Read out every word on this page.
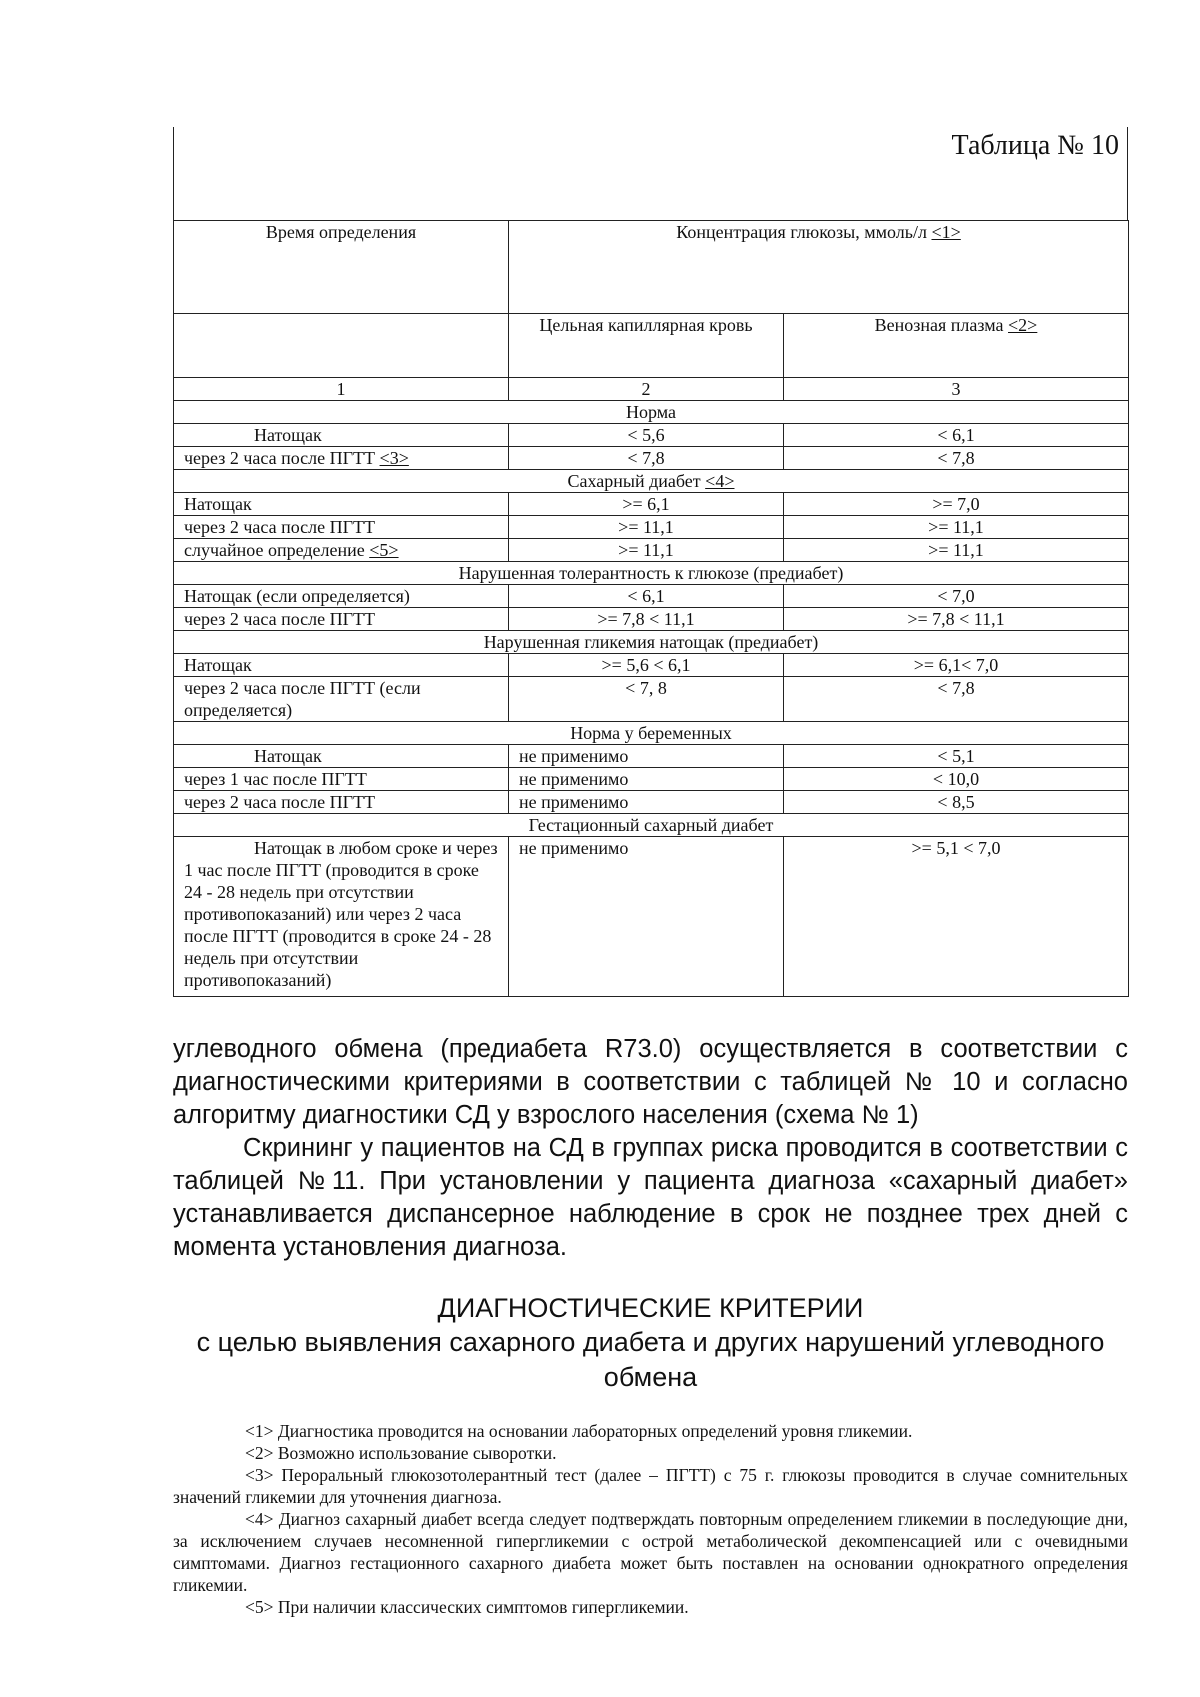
Таблица № 10
Время определения	Концентрация глюкозы, ммоль/л <1>	
	Цельная капиллярная кровь	Венозная плазма <2>
1	2	3
Норма		
Натощак	< 5,6	< 6,1
через 2 часа после ПГТТ <3>	< 7,8	< 7,8
Сахарный диабет <4>		
Натощак	>= 6,1	>= 7,0
через 2 часа после ПГТТ	>= 11,1	>= 11,1
случайное определение <5>	>= 11,1	>= 11,1
Нарушенная толерантность к глюкозе (предиабет)		
Натощак (если определяется)	< 6,1	< 7,0
через 2 часа после ПГТТ	>= 7,8 < 11,1	>= 7,8 < 11,1
Нарушенная гликемия натощак (предиабет)		
Натощак	>= 5,6 < 6,1	>= 6,1< 7,0
через 2 часа после ПГТТ (если определяется)	< 7, 8	< 7,8
Норма у беременных		
Натощак	не применимо	< 5,1
через 1 час после ПГТТ	не применимо	< 10,0
через 2 часа после ПГТТ	не применимо	< 8,5
Гестационный сахарный диабет		
Натощак в любом сроке и через 1 час после ПГТТ (проводится в сроке 24 - 28 недель при отсутствии противопоказаний) или через 2 часа после ПГТТ (проводится в сроке 24 - 28 недель при отсутствии противопоказаний)	не применимо	>= 5,1 < 7,0
углеводного обмена (предиабета R73.0) осуществляется в соответствии с диагностическими критериями в соответствии с таблицей № 10 и согласно алгоритму диагностики СД у взрослого населения (схема № 1)
Скрининг у пациентов на СД в группах риска проводится в соответствии с таблицей №11. При установлении у пациента диагноза «сахарный диабет» устанавливается диспансерное наблюдение в срок не позднее трех дней с момента установления диагноза.
ДИАГНОСТИЧЕСКИЕ КРИТЕРИИ
с целью выявления сахарного диабета и других нарушений углеводного обмена

<1> Диагностика проводится на основании лабораторных определений уровня гликемии.

<2> Возможно использование сыворотки.

<3> Пероральный глюкозотолерантный тест (далее – ПГТТ) с 75 г. глюкозы проводится в случае сомнительных значений гликемии для уточнения диагноза.

<4> Диагноз сахарный диабет всегда следует подтверждать повторным определением гликемии в последующие дни, за исключением случаев несомненной гипергликемии с острой метаболической декомпенсацией или с очевидными симптомами. Диагноз гестационного сахарного диабета может быть поставлен на основании однократного определения гликемии.

<5> При наличии классических симптомов гипергликемии.
